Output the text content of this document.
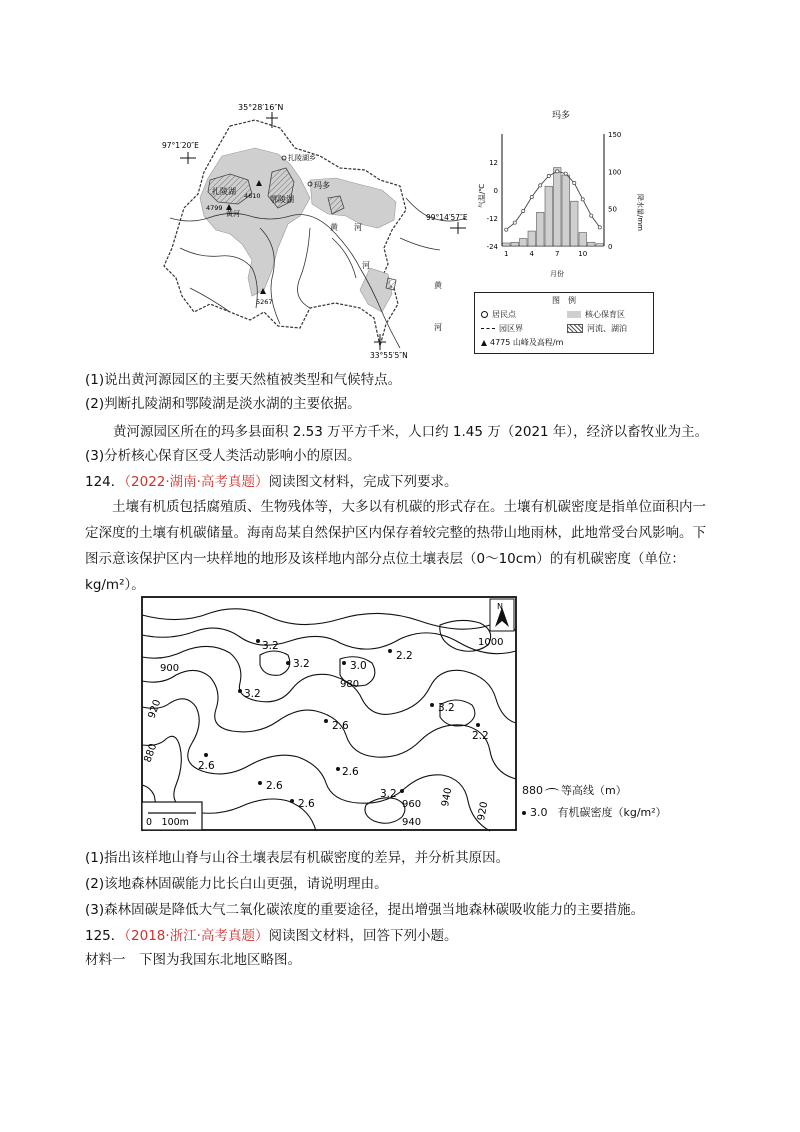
35°28′16″N
97°1′20″E
99°14′57″E
33°55′5″N
扎陵湖
鄂陵湖
扎陵湖乡
玛多
黄河
黄 河
河
黄
河
4610
4799
5267
玛多
气温/℃	降水量/mm
月份
12
0
-12
-24
150
100
50
0
1	4	7	10
图　例
居民点	核心保育区
园区界	河流、湖泊
4775 山峰及高程/m
(1)说出黄河源园区的主要天然植被类型和气候特点。
(2)判断扎陵湖和鄂陵湖是淡水湖的主要依据。
黄河源园区所在的玛多县面积 2.53 万平方千米，人口约 1.45 万（2021 年），经济以畜牧业为主。
(3)分析核心保育区受人类活动影响小的原因。
124．（2022·湖南·高考真题）阅读图文材料，完成下列要求。
土壤有机质包括腐殖质、生物残体等，大多以有机碳的形式存在。土壤有机碳密度是指单位面积内一定深度的土壤有机碳储量。海南岛某自然保护区内保存着较完整的热带山地雨林，此地常受台风影响。下图示意该保护区内一块样地的地形及该样地内部分点位土壤表层（0～10cm）的有机碳密度（单位：kg/m²）。
900
920
880
980
1000
960
940
940
920
3.2
3.2	3.0
2.2
3.2
2.6
3.2
2.2
2.6
2.6
2.6
2.6
3.2
0　100m
N
880 等高线（m）
3.0 有机碳密度（kg/m²）
(1)指出该样地山脊与山谷土壤表层有机碳密度的差异，并分析其原因。
(2)该地森林固碳能力比长白山更强，请说明理由。
(3)森林固碳是降低大气二氧化碳浓度的重要途径，提出增强当地森林碳吸收能力的主要措施。
125．（2018·浙江·高考真题）阅读图文材料，回答下列小题。
材料一　下图为我国东北地区略图。
